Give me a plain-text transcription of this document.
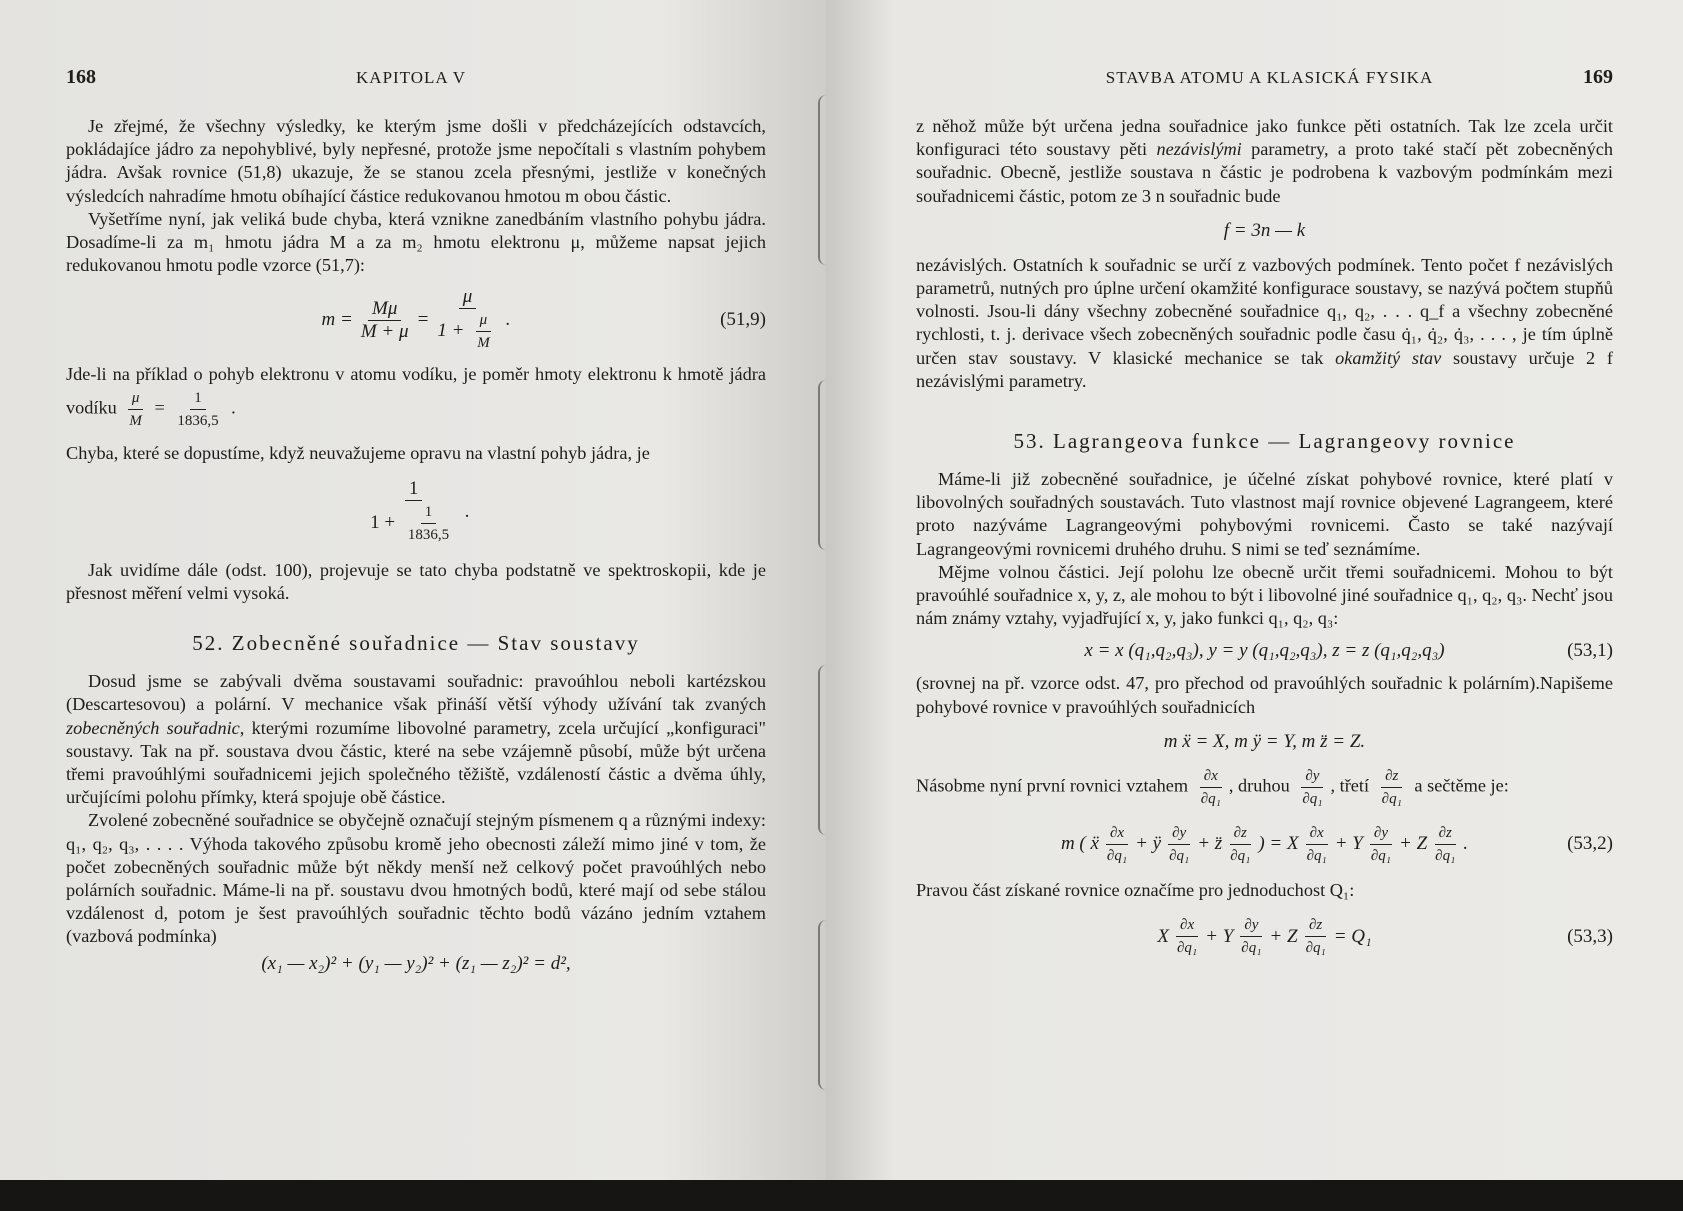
168	KAPITOLA V

Je zřejmé, že všechny výsledky, ke kterým jsme došli v předcházejících odstavcích, pokládajíce jádro za nepohyblivé, byly nepřesné, protože jsme nepočítali s vlastním pohybem jádra. Avšak rovnice (51,8) ukazuje, že se stanou zcela přesnými, jestliže v konečných výsledcích nahradíme hmotu obíhající částice redukovanou hmotou m obou částic.

Vyšetříme nyní, jak veliká bude chyba, která vznikne zanedbáním vlastního pohybu jádra. Dosadíme-li za m₁ hmotu jádra M a za m₂ hmotu elektronu μ, můžeme napsat jejich redukovanou hmotu podle vzorce (51,7):

$m = \frac{M\mu}{M + \mu} = \frac{\mu}{1 + \frac{\mu}{M}}$ .	(51,9)

Jde-li na příklad o pohyb elektronu v atomu vodíku, je poměr hmoty elektronu k hmotě jádra vodíku $\frac{\mu}{M} = \frac{1}{1836,5}$ .

Chyba, které se dopustíme, když neuvažujeme opravu na vlastní pohyb jádra, je

$\frac{1}{1 + \frac{1}{1836,5}}$ .

Jak uvidíme dále (odst. 100), projevuje se tato chyba podstatně ve spektroskopii, kde je přesnost měření velmi vysoká.

52. Zobecněné souřadnice — Stav soustavy

Dosud jsme se zabývali dvěma soustavami souřadnic: pravoúhlou neboli kartézskou (Descartesovou) a polární. V mechanice však přináší větší výhody užívání tak zvaných zobecněných souřadnic, kterými rozumíme libovolné parametry, zcela určující „konfiguraci" soustavy. Tak na př. soustava dvou částic, které na sebe vzájemně působí, může být určena třemi pravoúhlými souřadnicemi jejich společného těžiště, vzdáleností částic a dvěma úhly, určujícími polohu přímky, která spojuje obě částice.

Zvolené zobecněné souřadnice se obyčejně označují stejným písmenem q a různými indexy: q₁, q₂, q₃, . . . . Výhoda takového způsobu kromě jeho obecnosti záleží mimo jiné v tom, že počet zobecněných souřadnic může být někdy menší než celkový počet pravoúhlých nebo polárních souřadnic. Máme-li na př. soustavu dvou hmotných bodů, které mají od sebe stálou vzdálenost d, potom je šest pravoúhlých souřadnic těchto bodů vázáno jedním vztahem (vazbová podmínka)

(x₁ — x₂)² + (y₁ — y₂)² + (z₁ — z₂)² = d²,
STAVBA ATOMU A KLASICKÁ FYSIKA	169

z něhož může být určena jedna souřadnice jako funkce pěti ostatních. Tak lze zcela určit konfiguraci této soustavy pěti nezávislými parametry, a proto také stačí pět zobecněných souřadnic. Obecně, jestliže soustava n částic je podrobena k vazbovým podmínkám mezi souřadnicemi částic, potom ze 3 n souřadnic bude

f = 3n — k

nezávislých. Ostatních k souřadnic se určí z vazbových podmínek. Tento počet f nezávislých parametrů, nutných pro úplne určení okamžité konfigurace soustavy, se nazývá počtem stupňů volnosti. Jsou-li dány všechny zobecněné souřadnice q₁, q₂, . . . q_f a všechny zobecněné rychlosti, t. j. derivace všech zobecněných souřadnic podle času q̇₁, q̇₂, q̇₃, . . . , je tím úplně určen stav soustavy. V klasické mechanice se tak okamžitý stav soustavy určuje 2 f nezávislými parametry.

53. Lagrangeova funkce — Lagrangeovy rovnice

Máme-li již zobecněné souřadnice, je účelné získat pohybové rovnice, které platí v libovolných souřadných soustavách. Tuto vlastnost mají rovnice objevené Lagrangeem, které proto nazýváme Lagrangeovými pohybovými rovnicemi. Často se také nazývají Lagrangeovými rovnicemi druhého druhu. S nimi se teď seznámíme.

Mějme volnou částici. Její polohu lze obecně určit třemi souřadnicemi. Mohou to být pravoúhlé souřadnice x, y, z, ale mohou to být i libovolné jiné souřadnice q₁, q₂, q₃. Nechť jsou nám známy vztahy, vyjadřující x, y, jako funkci q₁, q₂, q₃:

x = x (q₁,q₂,q₃), y = y (q₁,q₂,q₃), z = z (q₁,q₂,q₃)	(53,1)

(srovnej na př. vzorce odst. 47, pro přechod od pravoúhlých souřadnic k polárním).Napišeme pohybové rovnice v pravoúhlých souřadnicích

m ẍ = X, m ÿ = Y, m z̈ = Z.

Násobme nyní první rovnici vztahem $\frac{\partial x}{\text{∂q₁}}$ , druhou $\frac{\partial y}{\text{∂q₁}}$ , třetí $\frac{\partial z}{\text{∂q₁}}$ a sečtěme je:

m ( ẍ $\frac{\partial x}{\text{∂q₁}}$ + ÿ $\frac{\partial y}{\text{∂q₁}}$ + z̈ $\frac{\partial z}{\text{∂q₁}}$ ) = X $\frac{\partial x}{\text{∂q₁}} + Y \frac{\partial y}{\text{∂q₁}} + Z \frac{\partial z}{\text{∂q₁}}$ .	(53,2)

Pravou část získané rovnice označíme pro jednoduchost Q₁:

X $\frac{\partial x}{\text{∂q₁}} + Y \frac{\partial y}{\text{∂q₁}} + Z \frac{\partial z}{\text{∂q₁}} = Q_1$	(53,3)
